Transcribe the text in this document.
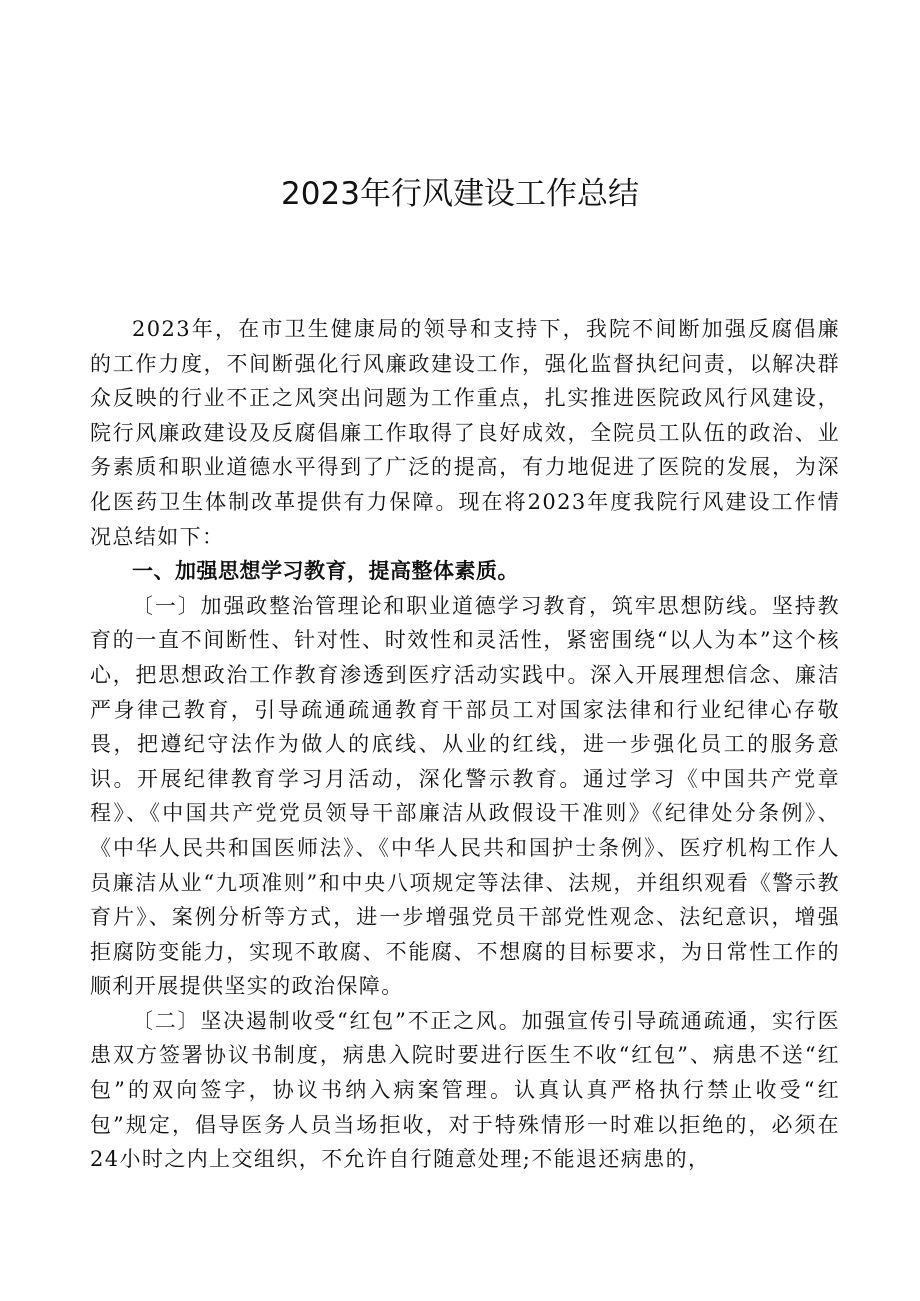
2023年行风建设工作总结

2023年，在市卫生健康局的领导和支持下，我院不间断加强反腐倡廉的工作力度，不间断强化行风廉政建设工作，强化监督执纪问责，以解决群众反映的行业不正之风突出问题为工作重点，扎实推进医院政风行风建设，院行风廉政建设及反腐倡廉工作取得了良好成效，全院员工队伍的政治、业务素质和职业道德水平得到了广泛的提高，有力地促进了医院的发展，为深化医药卫生体制改革提供有力保障。现在将2023年度我院行风建设工作情况总结如下：

一、加强思想学习教育，提高整体素质。

〔一〕加强政整治管理论和职业道德学习教育，筑牢思想防线。坚持教育的一直不间断性、针对性、时效性和灵活性，紧密围绕“以人为本”这个核心，把思想政治工作教育渗透到医疗活动实践中。深入开展理想信念、廉洁严身律己教育，引导疏通疏通教育干部员工对国家法律和行业纪律心存敬畏，把遵纪守法作为做人的底线、从业的红线，进一步强化员工的服务意识。开展纪律教育学习月活动，深化警示教育。通过学习《中国共产党章程》、《中国共产党党员领导干部廉洁从政假设干准则》《纪律处分条例》、《中华人民共和国医师法》、《中华人民共和国护士条例》、医疗机构工作人员廉洁从业“九项准则”和中央八项规定等法律、法规，并组织观看《警示教育片》、案例分析等方式，进一步增强党员干部党性观念、法纪意识，增强拒腐防变能力，实现不敢腐、不能腐、不想腐的目标要求，为日常性工作的顺利开展提供坚实的政治保障。

〔二〕坚决遏制收受“红包”不正之风。加强宣传引导疏通疏通，实行医患双方签署协议书制度，病患入院时要进行医生不收“红包”、病患不送“红包”的双向签字，协议书纳入病案管理。认真认真严格执行禁止收受“红包”规定，倡导医务人员当场拒收，对于特殊情形一时难以拒绝的，必须在24小时之内上交组织，不允许自行随意处理;不能退还病患的，
